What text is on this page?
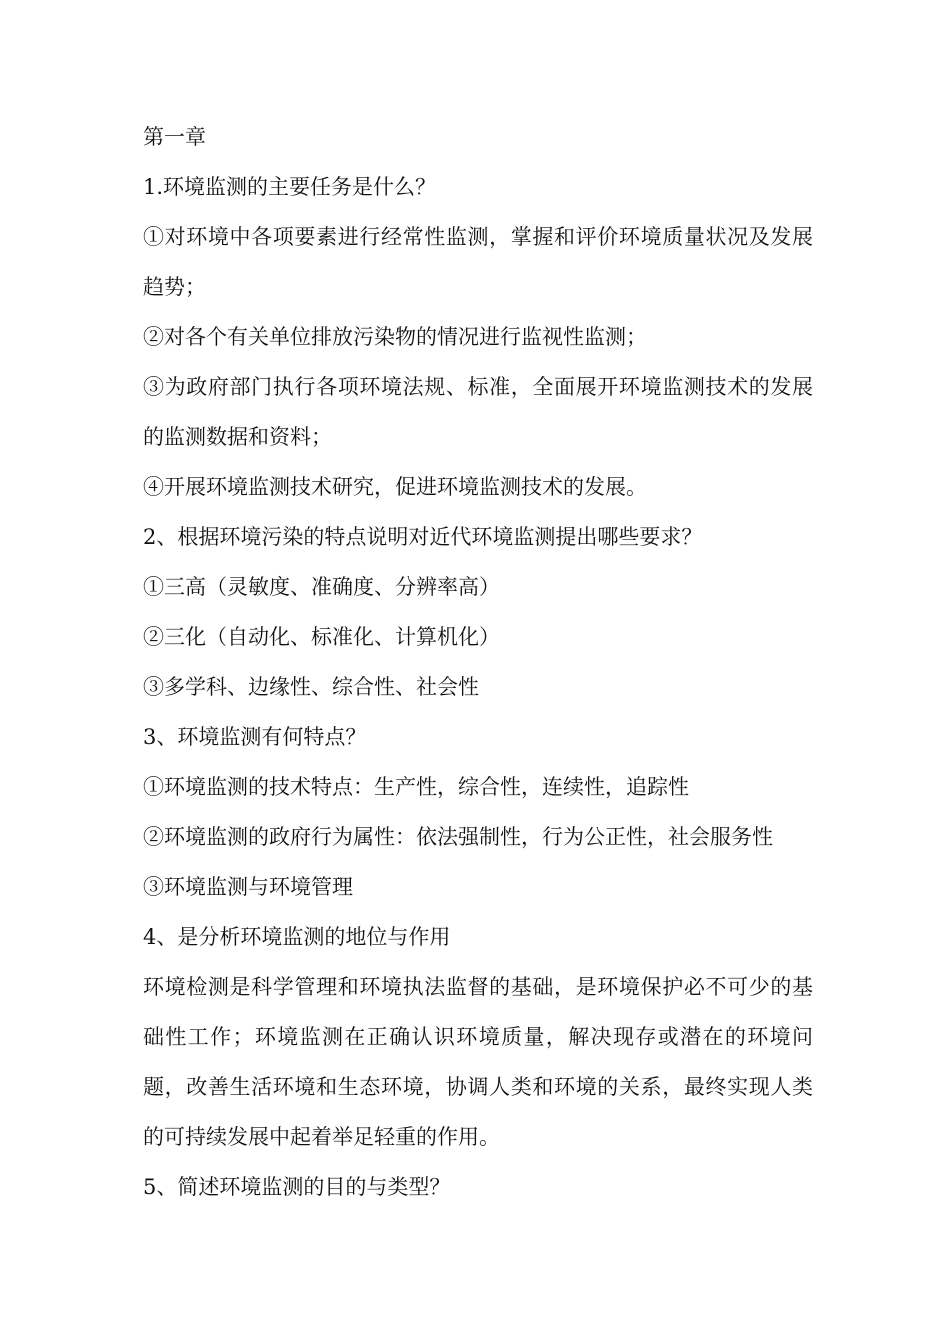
第一章

1.环境监测的主要任务是什么？

①对环境中各项要素进行经常性监测，掌握和评价环境质量状况及发展趋势；

②对各个有关单位排放污染物的情况进行监视性监测；

③为政府部门执行各项环境法规、标准，全面展开环境监测技术的发展的监测数据和资料；

④开展环境监测技术研究，促进环境监测技术的发展。

2、根据环境污染的特点说明对近代环境监测提出哪些要求？

①三高（灵敏度、准确度、分辨率高）

②三化（自动化、标准化、计算机化）

③多学科、边缘性、综合性、社会性

3、环境监测有何特点？

①环境监测的技术特点：生产性，综合性，连续性，追踪性

②环境监测的政府行为属性：依法强制性，行为公正性，社会服务性

③环境监测与环境管理

4、是分析环境监测的地位与作用

环境检测是科学管理和环境执法监督的基础，是环境保护必不可少的基础性工作；环境监测在正确认识环境质量，解决现存或潜在的环境问题，改善生活环境和生态环境，协调人类和环境的关系，最终实现人类的可持续发展中起着举足轻重的作用。

5、简述环境监测的目的与类型？
